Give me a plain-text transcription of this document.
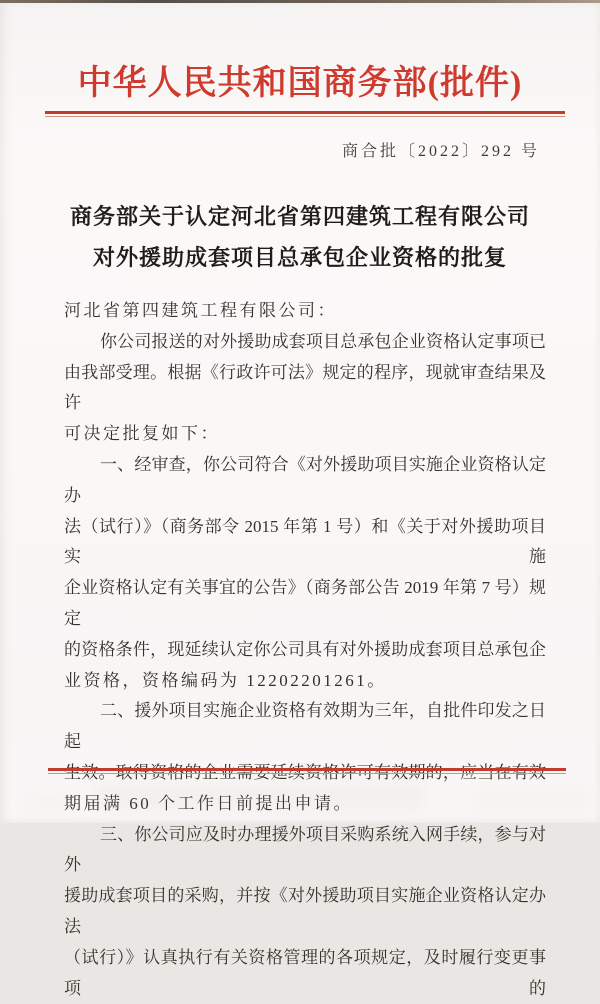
中华人民共和国商务部(批件)
商合批〔2022〕292 号
商务部关于认定河北省第四建筑工程有限公司
对外援助成套项目总承包企业资格的批复
河北省第四建筑工程有限公司：
你公司报送的对外援助成套项目总承包企业资格认定事项已
由我部受理。根据《行政许可法》规定的程序，现就审查结果及许
可决定批复如下：
一、经审查，你公司符合《对外援助项目实施企业资格认定办
法（试行）》（商务部令 2015 年第 1 号）和《关于对外援助项目实施
企业资格认定有关事宜的公告》（商务部公告 2019 年第 7 号）规定
的资格条件，现延续认定你公司具有对外援助成套项目总承包企
业资格，资格编码为 12202201261。
二、援外项目实施企业资格有效期为三年，自批件印发之日起
期届满 60 个工作日前提出申请。
三、你公司应及时办理援外项目采购系统入网手续，参与对外
援助成套项目的采购，并按《对外援助项目实施企业资格认定办法
（试行）》认真执行有关资格管理的各项规定，及时履行变更事项的
